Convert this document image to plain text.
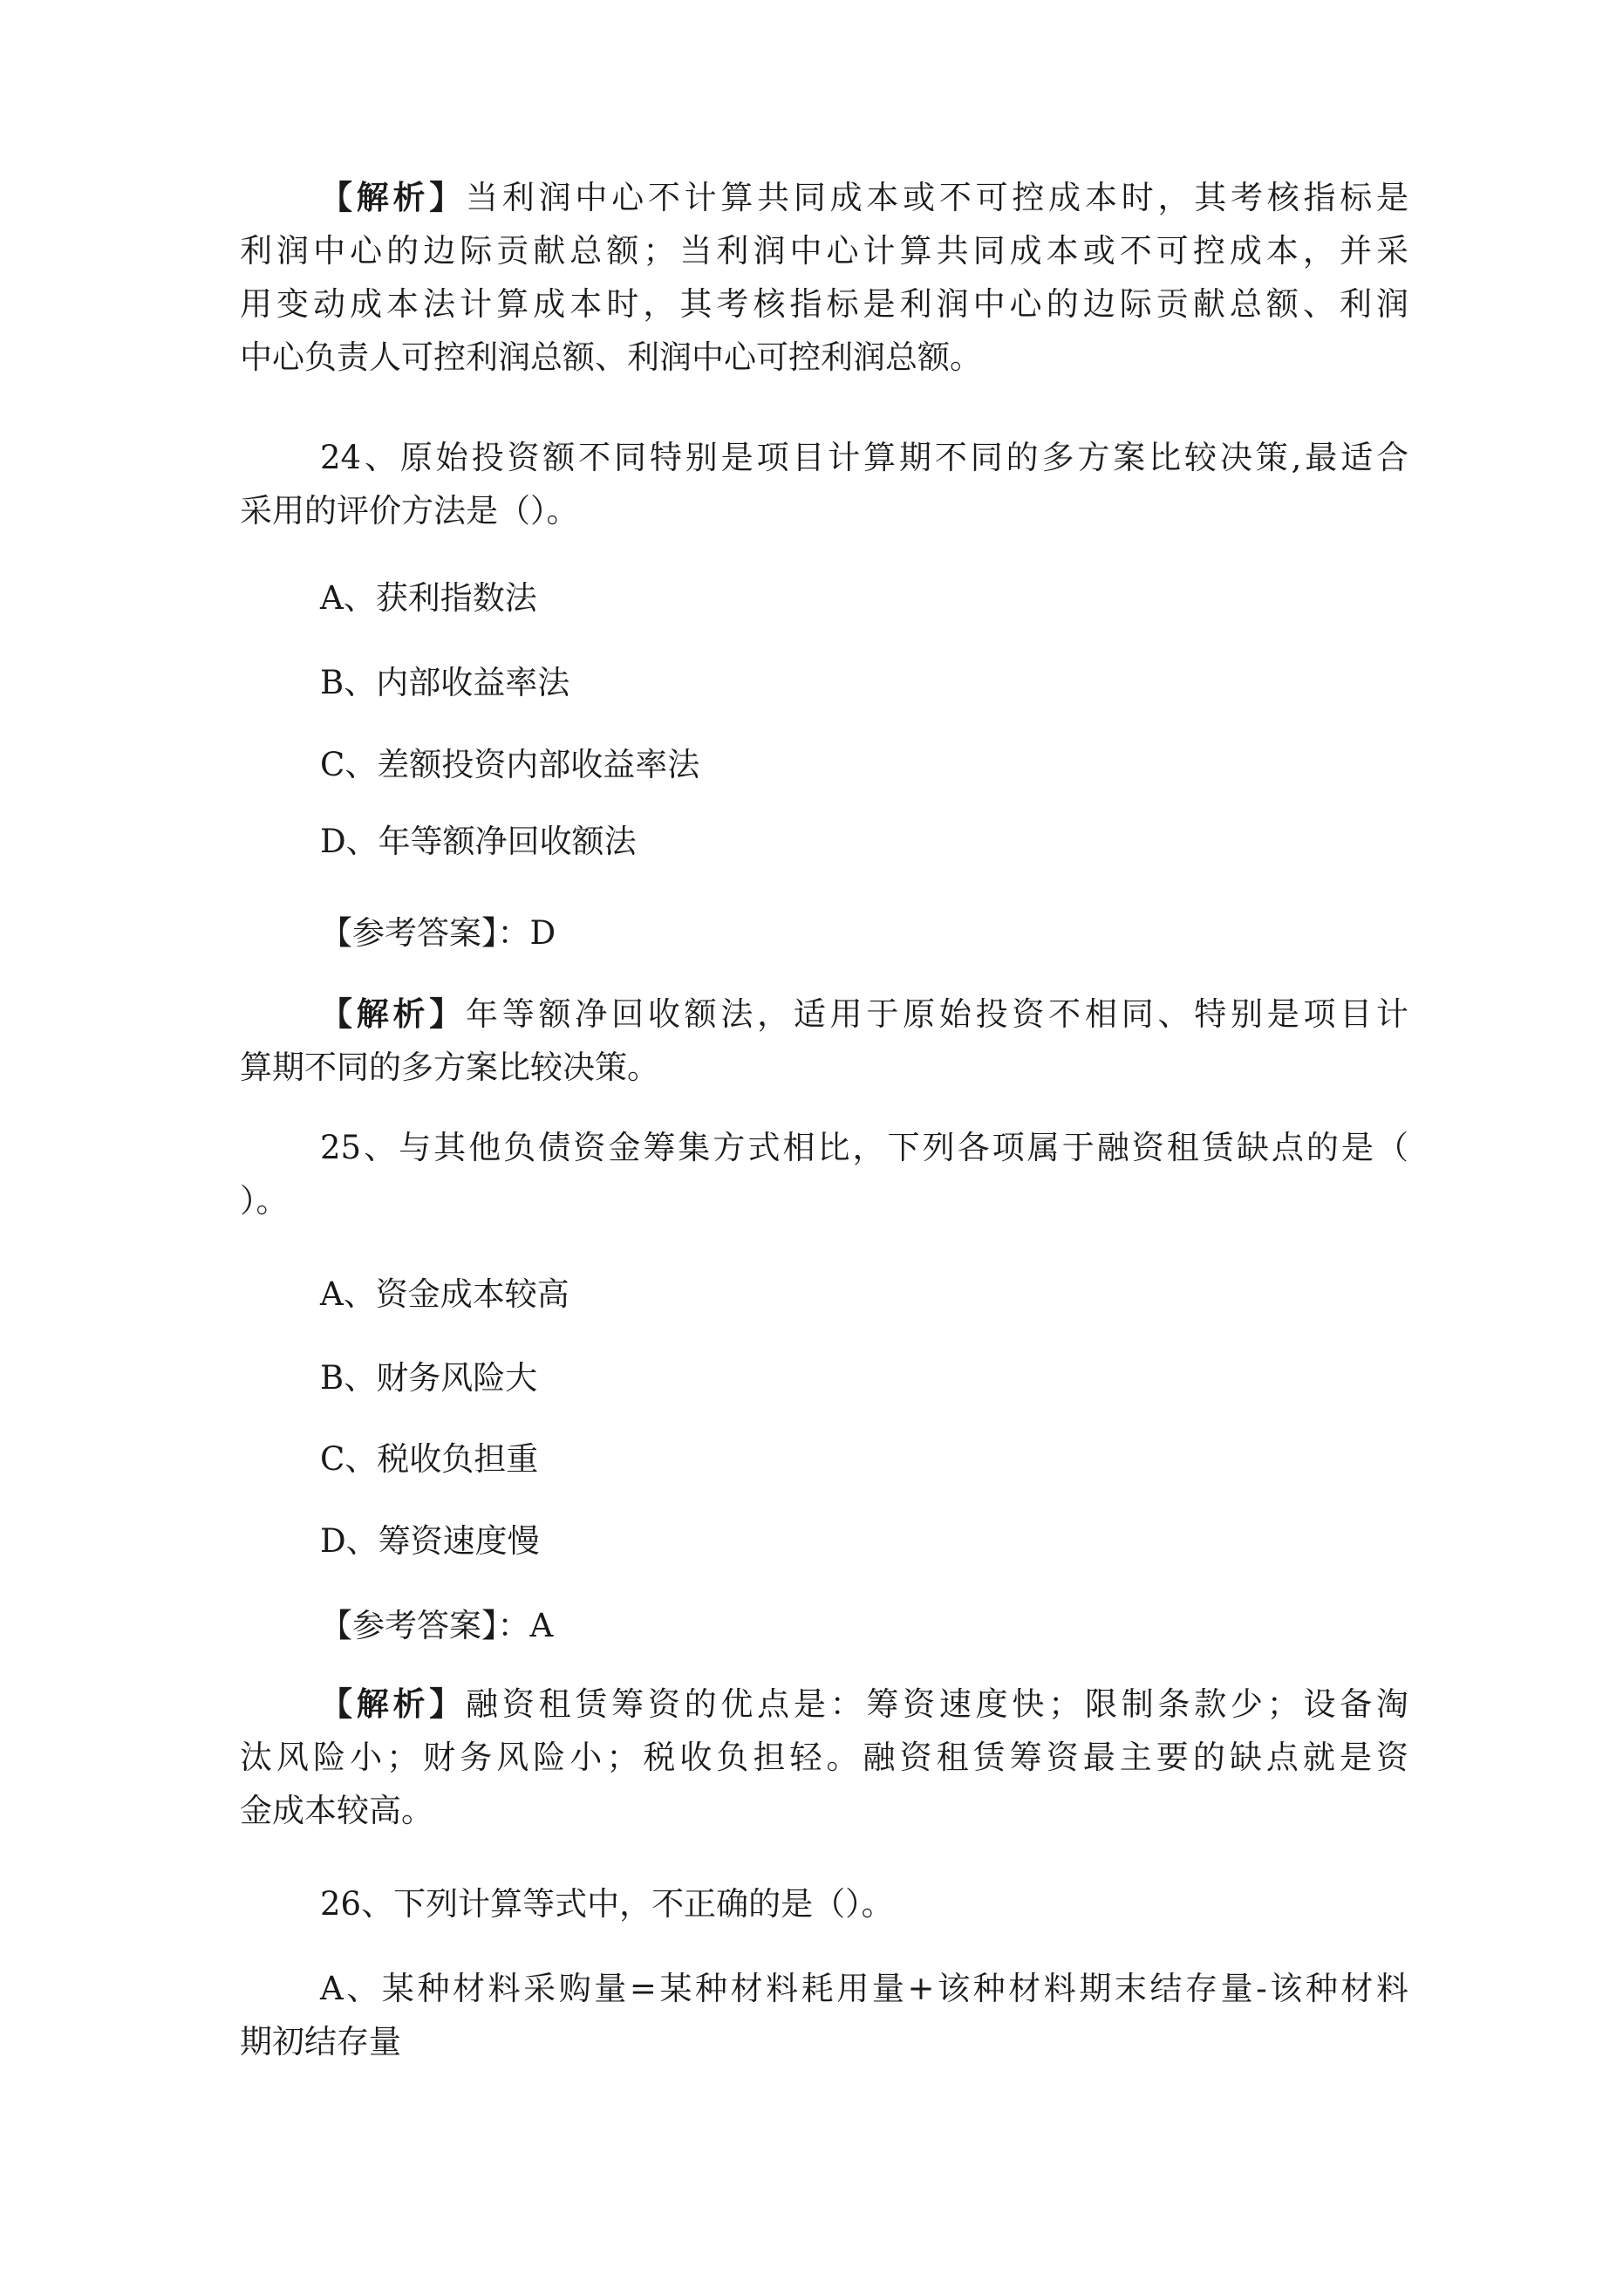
【解析】当利润中心不计算共同成本或不可控成本时，其考核指标是
利润中心的边际贡献总额；当利润中心计算共同成本或不可控成本，并采
用变动成本法计算成本时，其考核指标是利润中心的边际贡献总额、利润
中心负责人可控利润总额、利润中心可控利润总额。
24、原始投资额不同特别是项目计算期不同的多方案比较决策,最适合
采用的评价方法是（）。
A、获利指数法
B、内部收益率法
C、差额投资内部收益率法
D、年等额净回收额法
【参考答案】：D
【解析】年等额净回收额法，适用于原始投资不相同、特别是项目计
算期不同的多方案比较决策。
25、与其他负债资金筹集方式相比，下列各项属于融资租赁缺点的是（
）。
A、资金成本较高
B、财务风险大
C、税收负担重
D、筹资速度慢
【参考答案】：A
【解析】融资租赁筹资的优点是：筹资速度快；限制条款少；设备淘
汰风险小；财务风险小；税收负担轻。融资租赁筹资最主要的缺点就是资
金成本较高。
26、下列计算等式中，不正确的是（）。
A、某种材料采购量=某种材料耗用量+该种材料期末结存量-该种材料
期初结存量
